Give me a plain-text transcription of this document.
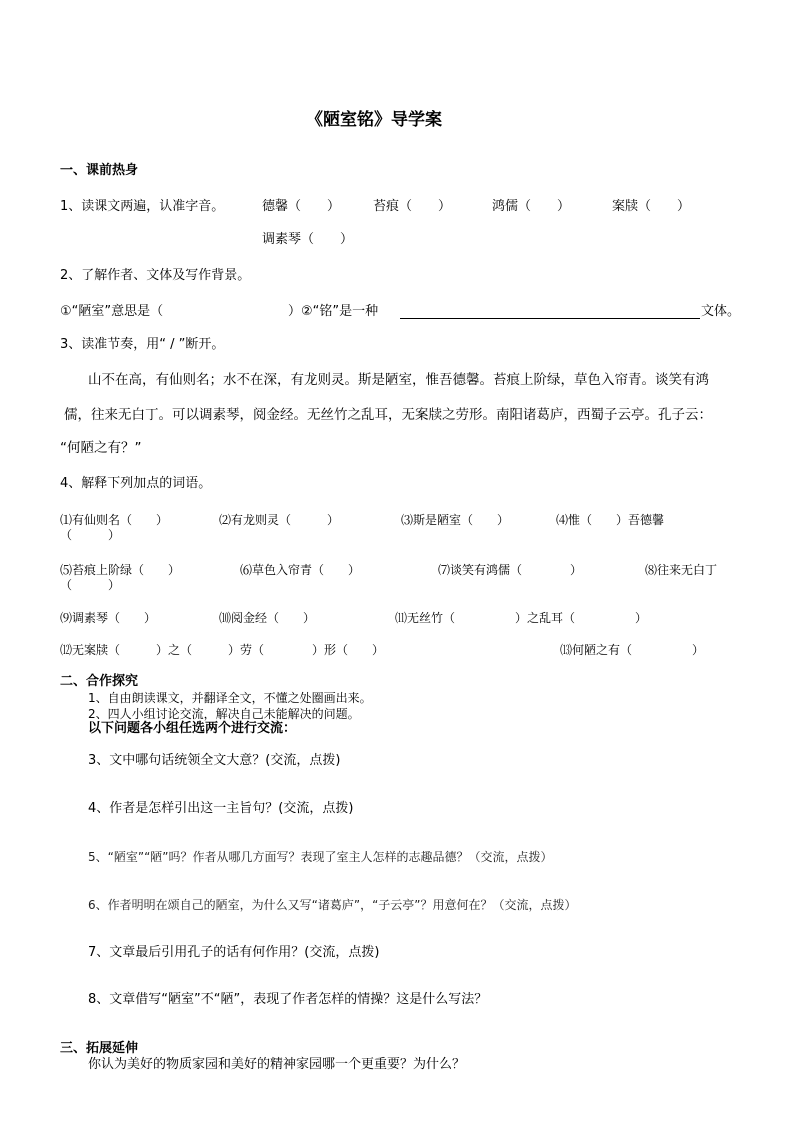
《陋室铭》导学案
一、课前热身
1、读课文两遍，认准字音。	德馨（　　）	苔痕（　　）	鸿儒（　　）	案牍（　　）
调素琴（　　）
2、了解作者、文体及写作背景。
①“陋室”意思是（	）②“铭”是一种	文体。
3、读准节奏，用“ / ”断开。
山不在高，有仙则名；水不在深，有龙则灵。斯是陋室，惟吾德馨。苔痕上阶绿，草色入帘青。谈笑有鸿
儒，往来无白丁。可以调素琴，阅金经。无丝竹之乱耳，无案牍之劳形。南阳诸葛庐，西蜀子云亭。孔子云：
“何陋之有？”
4、解释下列加点的词语。
⑴有仙则名（　　）	⑵有龙则灵（　　　）	⑶斯是陋室（　　）	⑷惟（　　）吾德馨
（　　　）
⑸苔痕上阶绿（　　）	⑹草色入帘青（　　）	⑺谈笑有鸿儒（　　　　）	⑻往来无白丁
（　　　）
⑼调素琴（　　）	⑽阅金经（　　）	⑾无丝竹（　　　　　）之乱耳（　　　　　）
⑿无案牍（　　　）之（　　　）劳（　　　　）形（　　）	⒀何陋之有（　　　　　）
二、合作探究
1、自由朗读课文，并翻译全文，不懂之处圈画出来。
2、四人小组讨论交流，解决自己未能解决的问题。
以下问题各小组任选两个进行交流：
3、文中哪句话统领全文大意？(交流，点拨)
4、作者是怎样引出这一主旨句？(交流，点拨)
5、“陋室”“陋”吗？作者从哪几方面写？表现了室主人怎样的志趣品德？（交流，点拨）
6、作者明明在颂自己的陋室，为什么又写“诸葛庐”，“子云亭”？用意何在？（交流，点拨）
7、文章最后引用孔子的话有何作用？(交流，点拨)
8、文章借写“陋室”不“陋”，表现了作者怎样的情操？这是什么写法？
三、拓展延伸
你认为美好的物质家园和美好的精神家园哪一个更重要？为什么？
